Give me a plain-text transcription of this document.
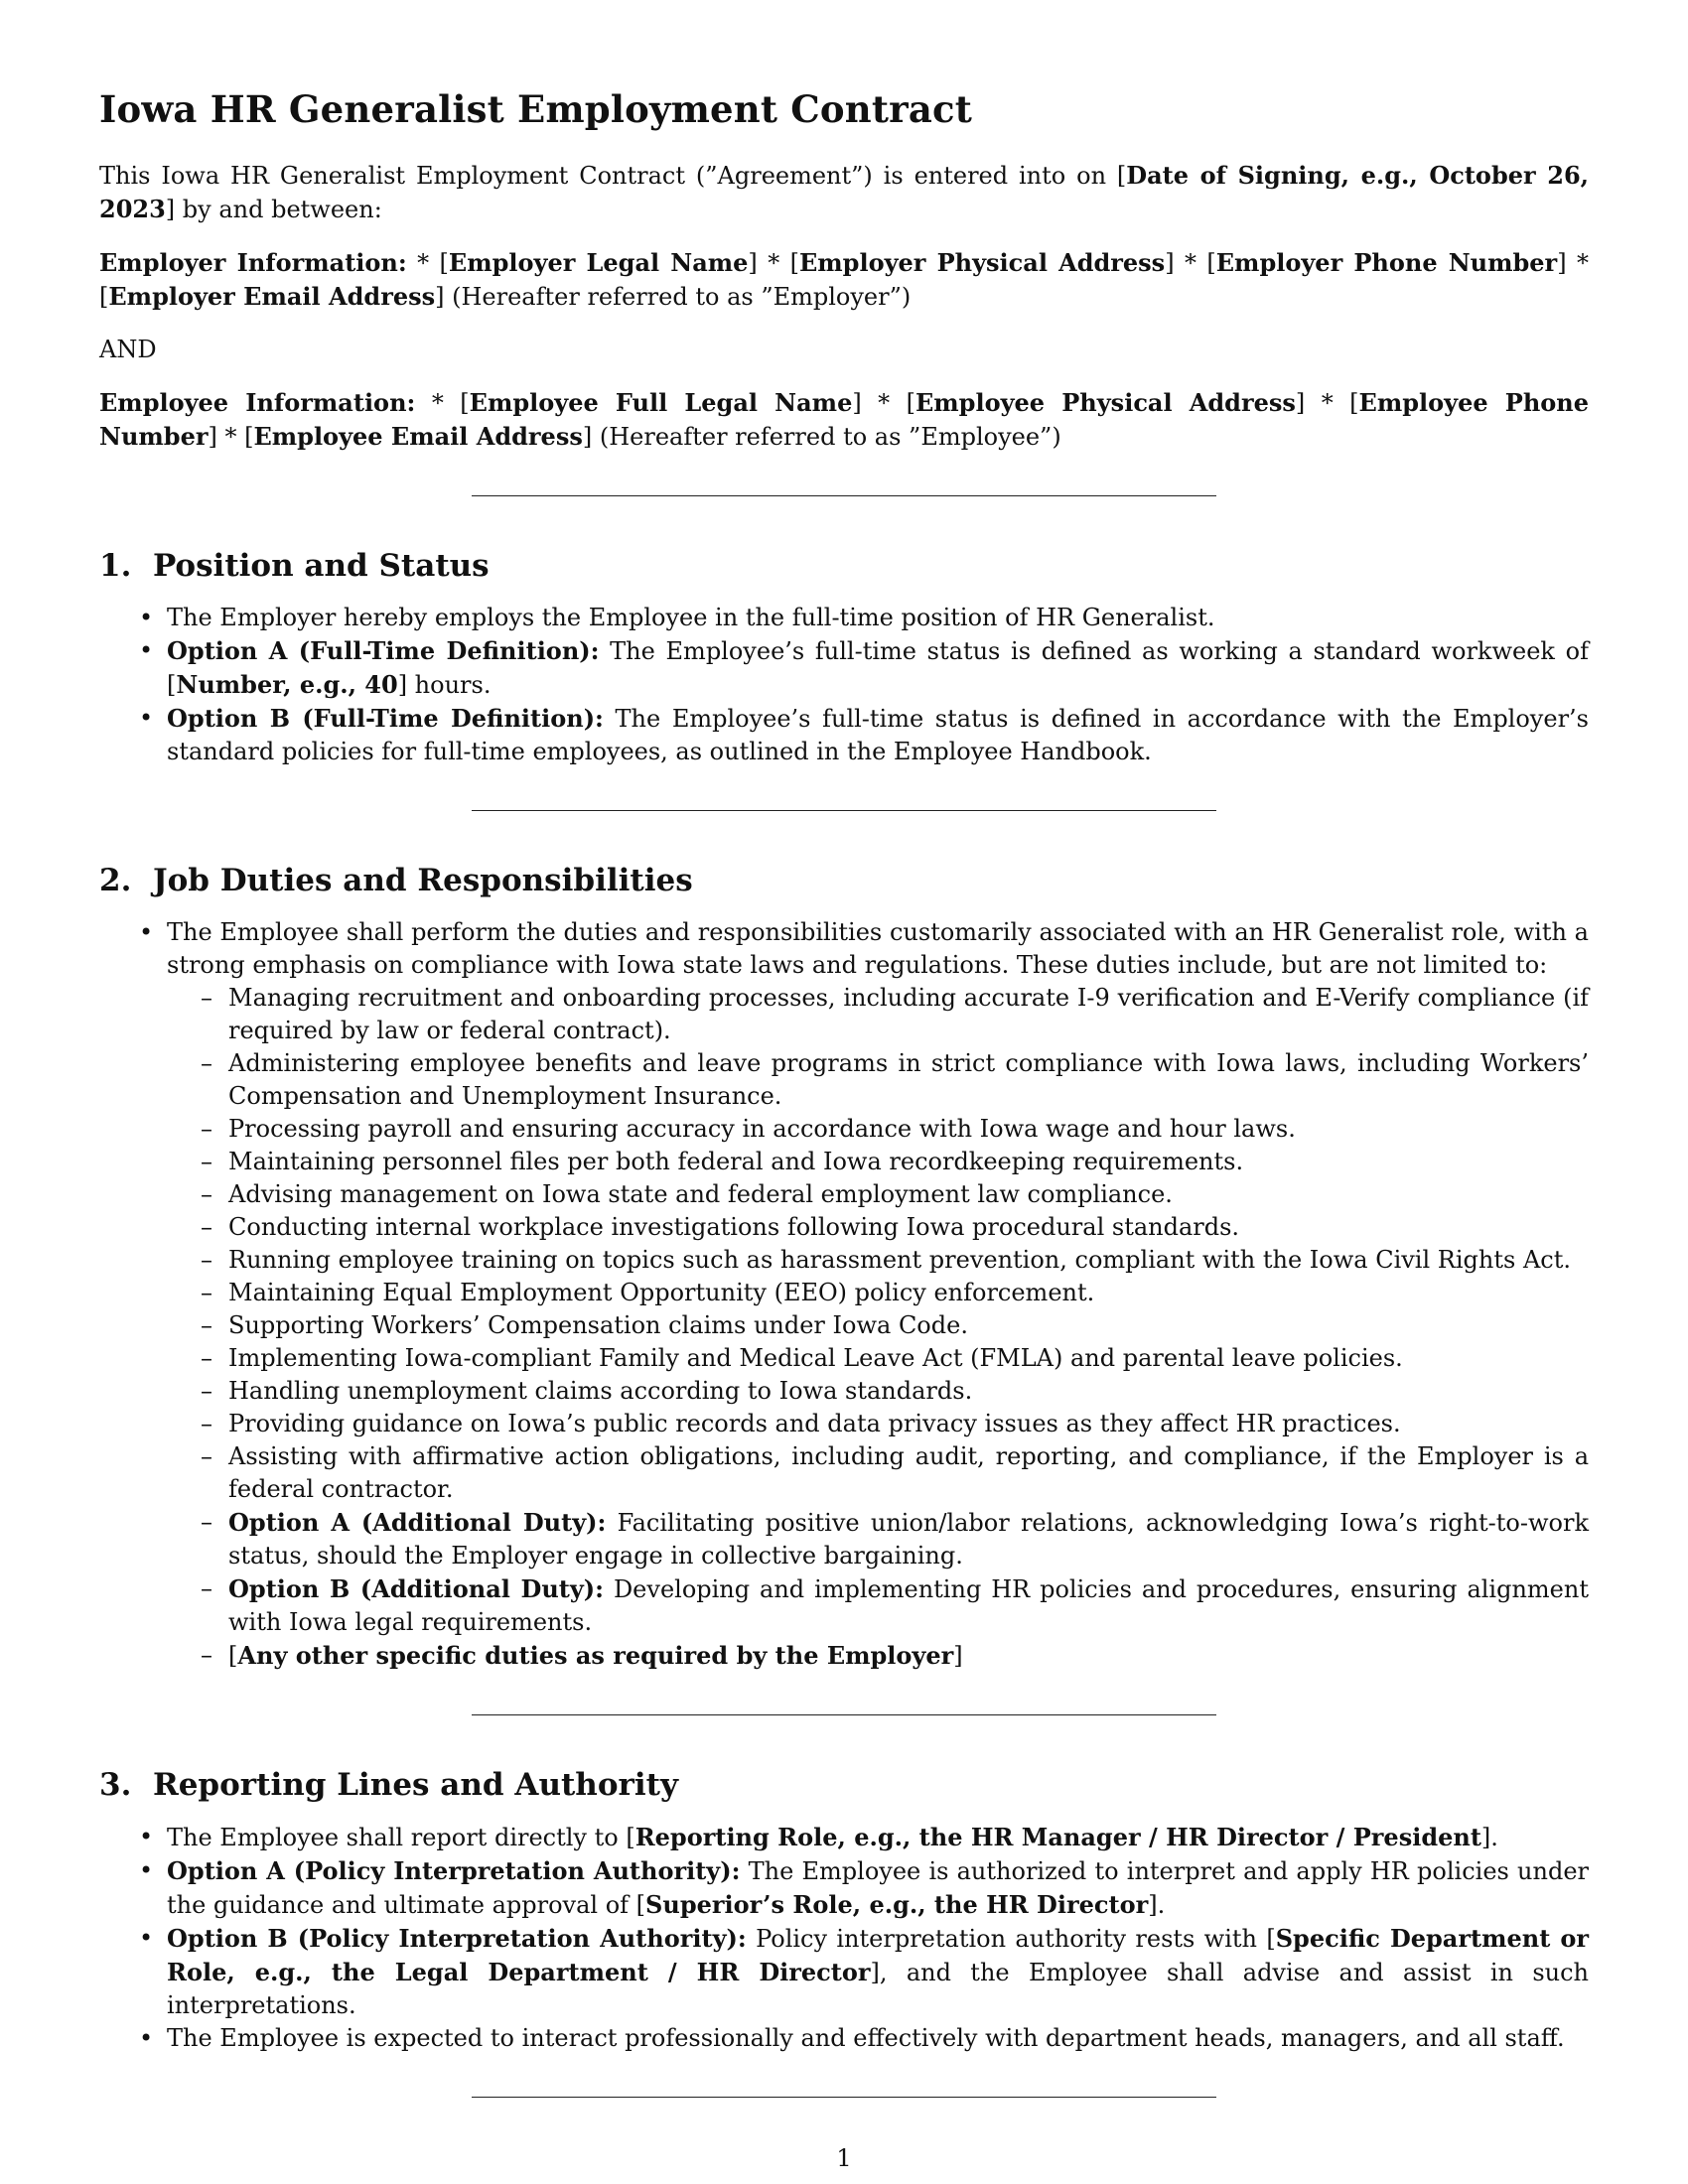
Iowa HR Generalist Employment Contract

This Iowa HR Generalist Employment Contract (”Agreement”) is entered into on [Date of Signing, e.g., October 26, 2023] by and between:

Employer Information: * [Employer Legal Name] * [Employer Physical Address] * [Employer Phone Number] * [Employer Email Address] (Hereafter referred to as ”Employer”)

AND

Employee Information: * [Employee Full Legal Name] * [Employee Physical Address] * [Employee Phone Number] * [Employee Email Address] (Hereafter referred to as ”Employee”)

1.  Position and Status
• The Employer hereby employs the Employee in the full-time position of HR Generalist.
• Option A (Full-Time Definition): The Employee’s full-time status is defined as working a standard workweek of [Number, e.g., 40] hours.
• Option B (Full-Time Definition): The Employee’s full-time status is defined in accordance with the Employer’s standard policies for full-time employees, as outlined in the Employee Handbook.
2.  Job Duties and Responsibilities
• The Employee shall perform the duties and responsibilities customarily associated with an HR Generalist role, with a strong emphasis on compliance with Iowa state laws and regulations. These duties include, but are not limited to:
– Managing recruitment and onboarding processes, including accurate I-9 verification and E-Verify compliance (if required by law or federal contract).
– Administering employee benefits and leave programs in strict compliance with Iowa laws, including Workers’ Compensation and Unemployment Insurance.
– Processing payroll and ensuring accuracy in accordance with Iowa wage and hour laws.
– Maintaining personnel files per both federal and Iowa recordkeeping requirements.
– Advising management on Iowa state and federal employment law compliance.
– Conducting internal workplace investigations following Iowa procedural standards.
– Running employee training on topics such as harassment prevention, compliant with the Iowa Civil Rights Act.
– Maintaining Equal Employment Opportunity (EEO) policy enforcement.
– Supporting Workers’ Compensation claims under Iowa Code.
– Implementing Iowa-compliant Family and Medical Leave Act (FMLA) and parental leave policies.
– Handling unemployment claims according to Iowa standards.
– Providing guidance on Iowa’s public records and data privacy issues as they affect HR practices.
– Assisting with affirmative action obligations, including audit, reporting, and compliance, if the Employer is a federal contractor.
– Option A (Additional Duty): Facilitating positive union/labor relations, acknowledging Iowa’s right-to-work status, should the Employer engage in collective bargaining.
– Option B (Additional Duty): Developing and implementing HR policies and procedures, ensuring alignment with Iowa legal requirements.
– [Any other specific duties as required by the Employer]
3.  Reporting Lines and Authority
• The Employee shall report directly to [Reporting Role, e.g., the HR Manager / HR Director / President].
• Option A (Policy Interpretation Authority): The Employee is authorized to interpret and apply HR policies under the guidance and ultimate approval of [Superior’s Role, e.g., the HR Director].
• Option B (Policy Interpretation Authority): Policy interpretation authority rests with [Specific Department or Role, e.g., the Legal Department / HR Director], and the Employee shall advise and assist in such interpretations.
• The Employee is expected to interact professionally and effectively with department heads, managers, and all staff.
1
